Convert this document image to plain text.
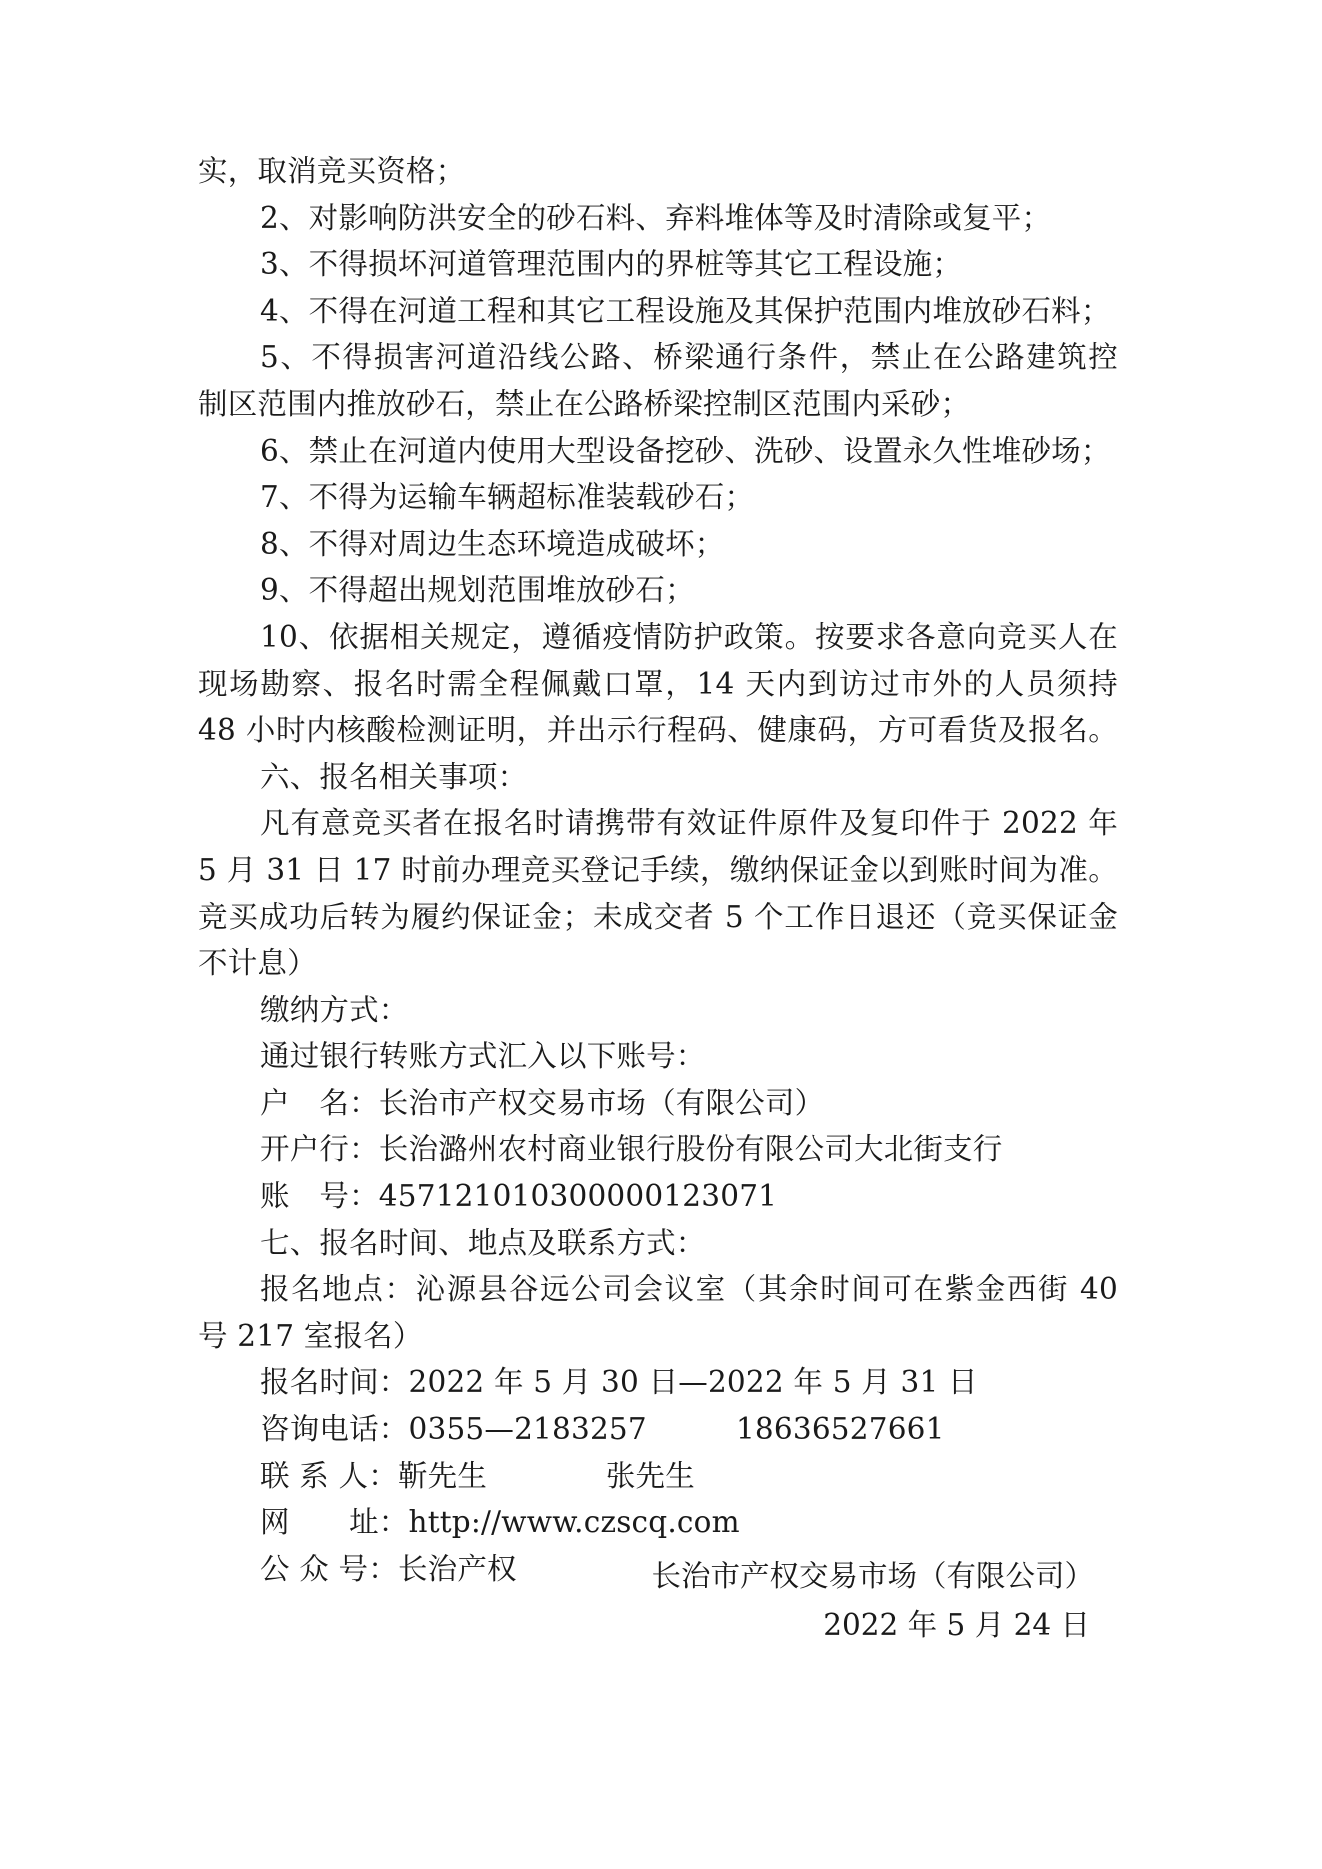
实，取消竞买资格；
2、对影响防洪安全的砂石料、弃料堆体等及时清除或复平；
3、不得损坏河道管理范围内的界桩等其它工程设施；
4、不得在河道工程和其它工程设施及其保护范围内堆放砂石料；
5、不得损害河道沿线公路、桥梁通行条件，禁止在公路建筑控
制区范围内推放砂石，禁止在公路桥梁控制区范围内采砂；
6、禁止在河道内使用大型设备挖砂、洗砂、设置永久性堆砂场；
7、不得为运输车辆超标准装载砂石；
8、不得对周边生态环境造成破坏；
9、不得超出规划范围堆放砂石；
10、依据相关规定，遵循疫情防护政策。按要求各意向竞买人在
现场勘察、报名时需全程佩戴口罩，14 天内到访过市外的人员须持
48 小时内核酸检测证明，并出示行程码、健康码，方可看货及报名。
六、报名相关事项：
凡有意竞买者在报名时请携带有效证件原件及复印件于 2022 年
5 月 31 日 17 时前办理竞买登记手续，缴纳保证金以到账时间为准。
竞买成功后转为履约保证金；未成交者 5 个工作日退还（竞买保证金
不计息）
缴纳方式：
通过银行转账方式汇入以下账号：
户　名：长治市产权交易市场（有限公司）
开户行：长治潞州农村商业银行股份有限公司大北街支行
账　号：457121010300000123071
七、报名时间、地点及联系方式：
报名地点：沁源县谷远公司会议室（其余时间可在紫金西街 40
号 217 室报名）
报名时间：2022 年 5 月 30 日—2022 年 5 月 31 日
咨询电话：0355—2183257　　　18636527661
联 系 人：靳先生　　　　张先生
网　　址：http://www.czscq.com
公 众 号：长治产权	长治市产权交易市场（有限公司）
2022 年 5 月 24 日
